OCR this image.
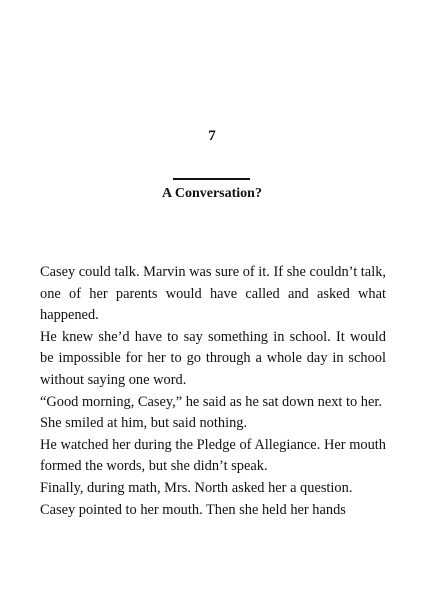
7
A Conversation?

Casey could talk. Marvin was sure of it. If she couldn’t talk, one of her parents would have called and asked what happened.

He knew she’d have to say something in school. It would be impossible for her to go through a whole day in school without saying one word.

“Good morning, Casey,” he said as he sat down next to her.

She smiled at him, but said nothing.

He watched her during the Pledge of Allegiance. Her mouth formed the words, but she didn’t speak.

Finally, during math, Mrs. North asked her a question.

Casey pointed to her mouth. Then she held her hands
